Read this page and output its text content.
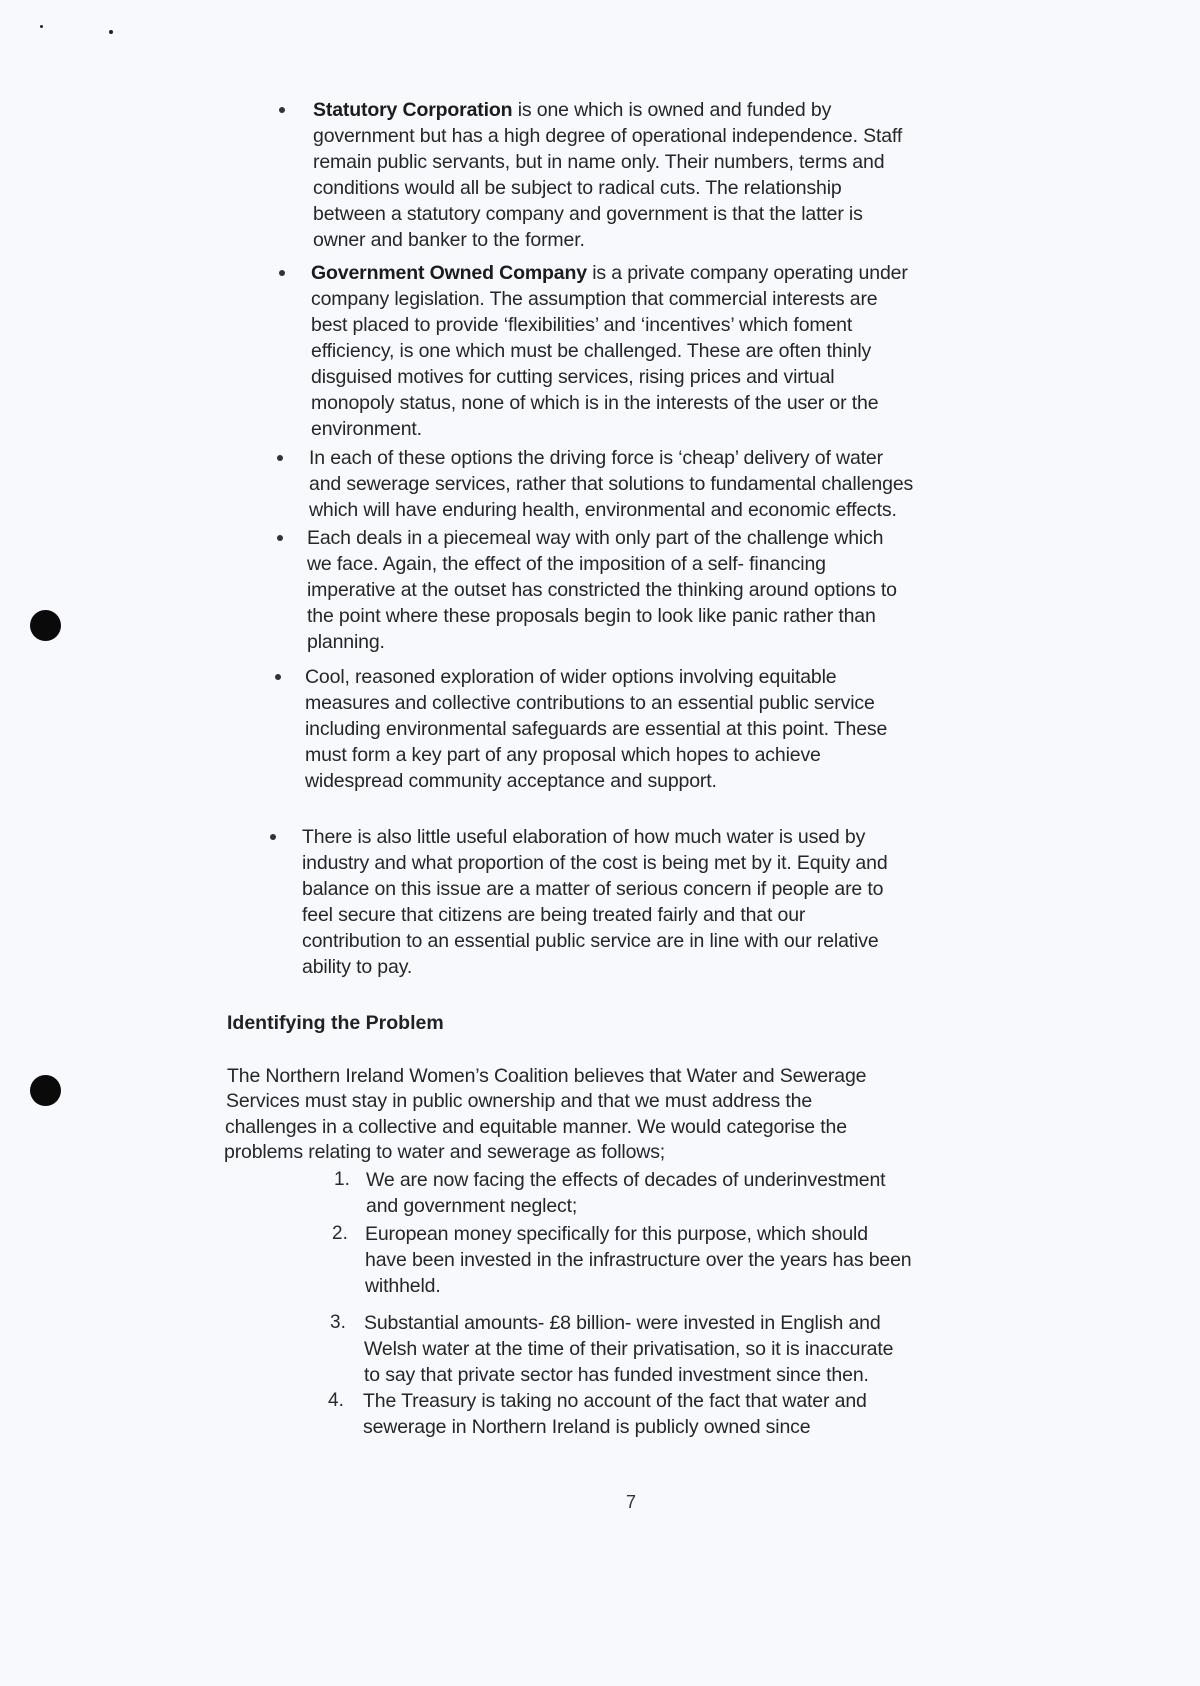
Statutory Corporation is one which is owned and funded by
government but has a high degree of operational independence. Staff
remain public servants, but in name only. Their numbers, terms and
conditions would all be subject to radical cuts. The relationship
between a statutory company and government is that the latter is
owner and banker to the former.
Government Owned Company is a private company operating under
company legislation. The assumption that commercial interests are
best placed to provide ‘flexibilities’ and ‘incentives’ which foment
efficiency, is one which must be challenged. These are often thinly
disguised motives for cutting services, rising prices and virtual
monopoly status, none of which is in the interests of the user or the
environment.
In each of these options the driving force is ‘cheap’ delivery of water
and sewerage services, rather that solutions to fundamental challenges
which will have enduring health, environmental and economic effects.
Each deals in a piecemeal way with only part of the challenge which
we face. Again, the effect of the imposition of a self- financing
imperative at the outset has constricted the thinking around options to
the point where these proposals begin to look like panic rather than
planning.
Cool, reasoned exploration of wider options involving equitable
measures and collective contributions to an essential public service
including environmental safeguards are essential at this point. These
must form a key part of any proposal which hopes to achieve
widespread community acceptance and support.
There is also little useful elaboration of how much water is used by
industry and what proportion of the cost is being met by it. Equity and
balance on this issue are a matter of serious concern if people are to
feel secure that citizens are being treated fairly and that our
contribution to an essential public service are in line with our relative
ability to pay.
Identifying the Problem
The Northern Ireland Women’s Coalition believes that Water and Sewerage
Services must stay in public ownership and that we must address the
challenges in a collective and equitable manner. We would categorise the
problems relating to water and sewerage as follows;
1. We are now facing the effects of decades of underinvestment
and government neglect;
2. European money specifically for this purpose, which should
have been invested in the infrastructure over the years has been
withheld.
3. Substantial amounts- £8 billion- were invested in English and
Welsh water at the time of their privatisation, so it is inaccurate
to say that private sector has funded investment since then.
4. The Treasury is taking no account of the fact that water and
sewerage in Northern Ireland is publicly owned since
7
